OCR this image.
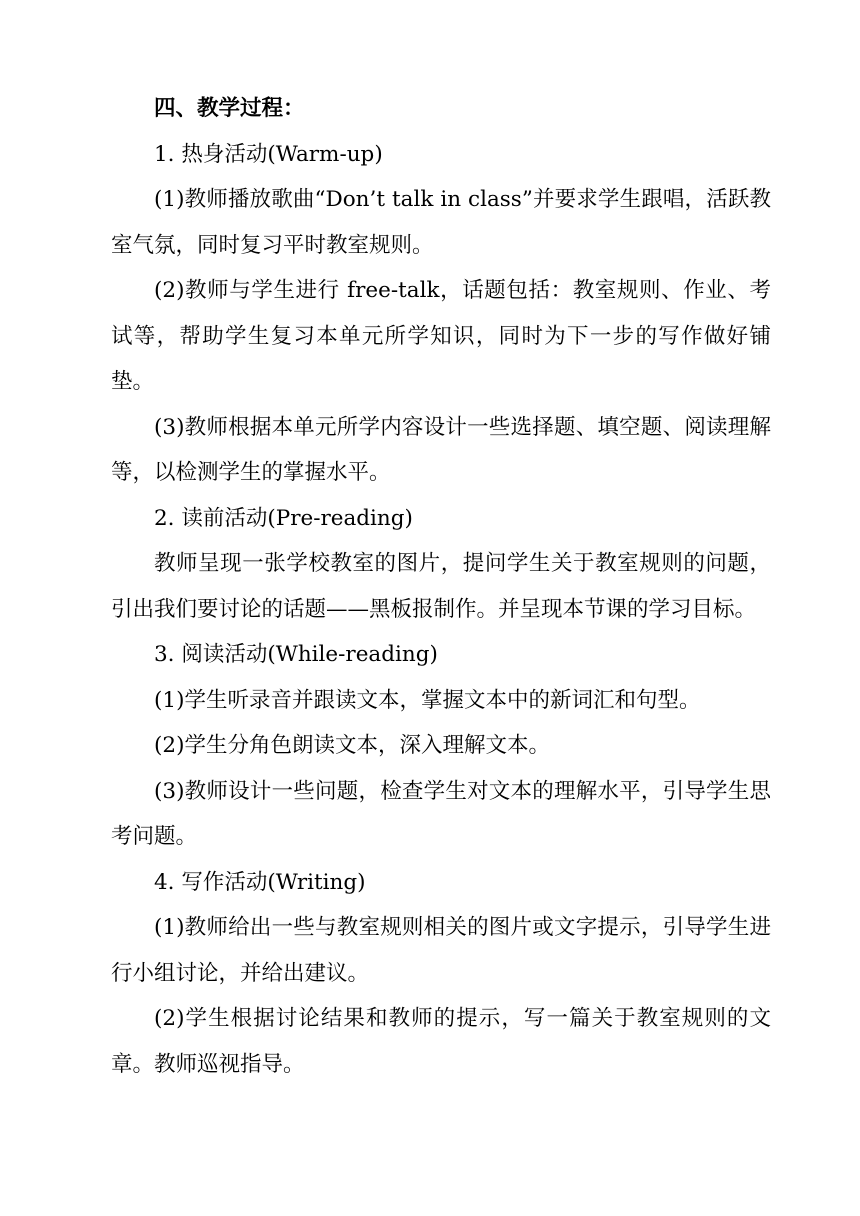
四、教学过程：

1. 热身活动(Warm-up)

(1)教师播放歌曲“Don’t talk in class”并要求学生跟唱，活跃教室气氛，同时复习平时教室规则。

(2)教师与学生进行 free-talk，话题包括：教室规则、作业、考试等，帮助学生复习本单元所学知识，同时为下一步的写作做好铺垫。

(3)教师根据本单元所学内容设计一些选择题、填空题、阅读理解等，以检测学生的掌握水平。

2. 读前活动(Pre-reading)

教师呈现一张学校教室的图片，提问学生关于教室规则的问题，引出我们要讨论的话题——黑板报制作。并呈现本节课的学习目标。

3. 阅读活动(While-reading)

(1)学生听录音并跟读文本，掌握文本中的新词汇和句型。

(2)学生分角色朗读文本，深入理解文本。

(3)教师设计一些问题，检查学生对文本的理解水平，引导学生思考问题。

4. 写作活动(Writing)

(1)教师给出一些与教室规则相关的图片或文字提示，引导学生进行小组讨论，并给出建议。

(2)学生根据讨论结果和教师的提示，写一篇关于教室规则的文章。教师巡视指导。
